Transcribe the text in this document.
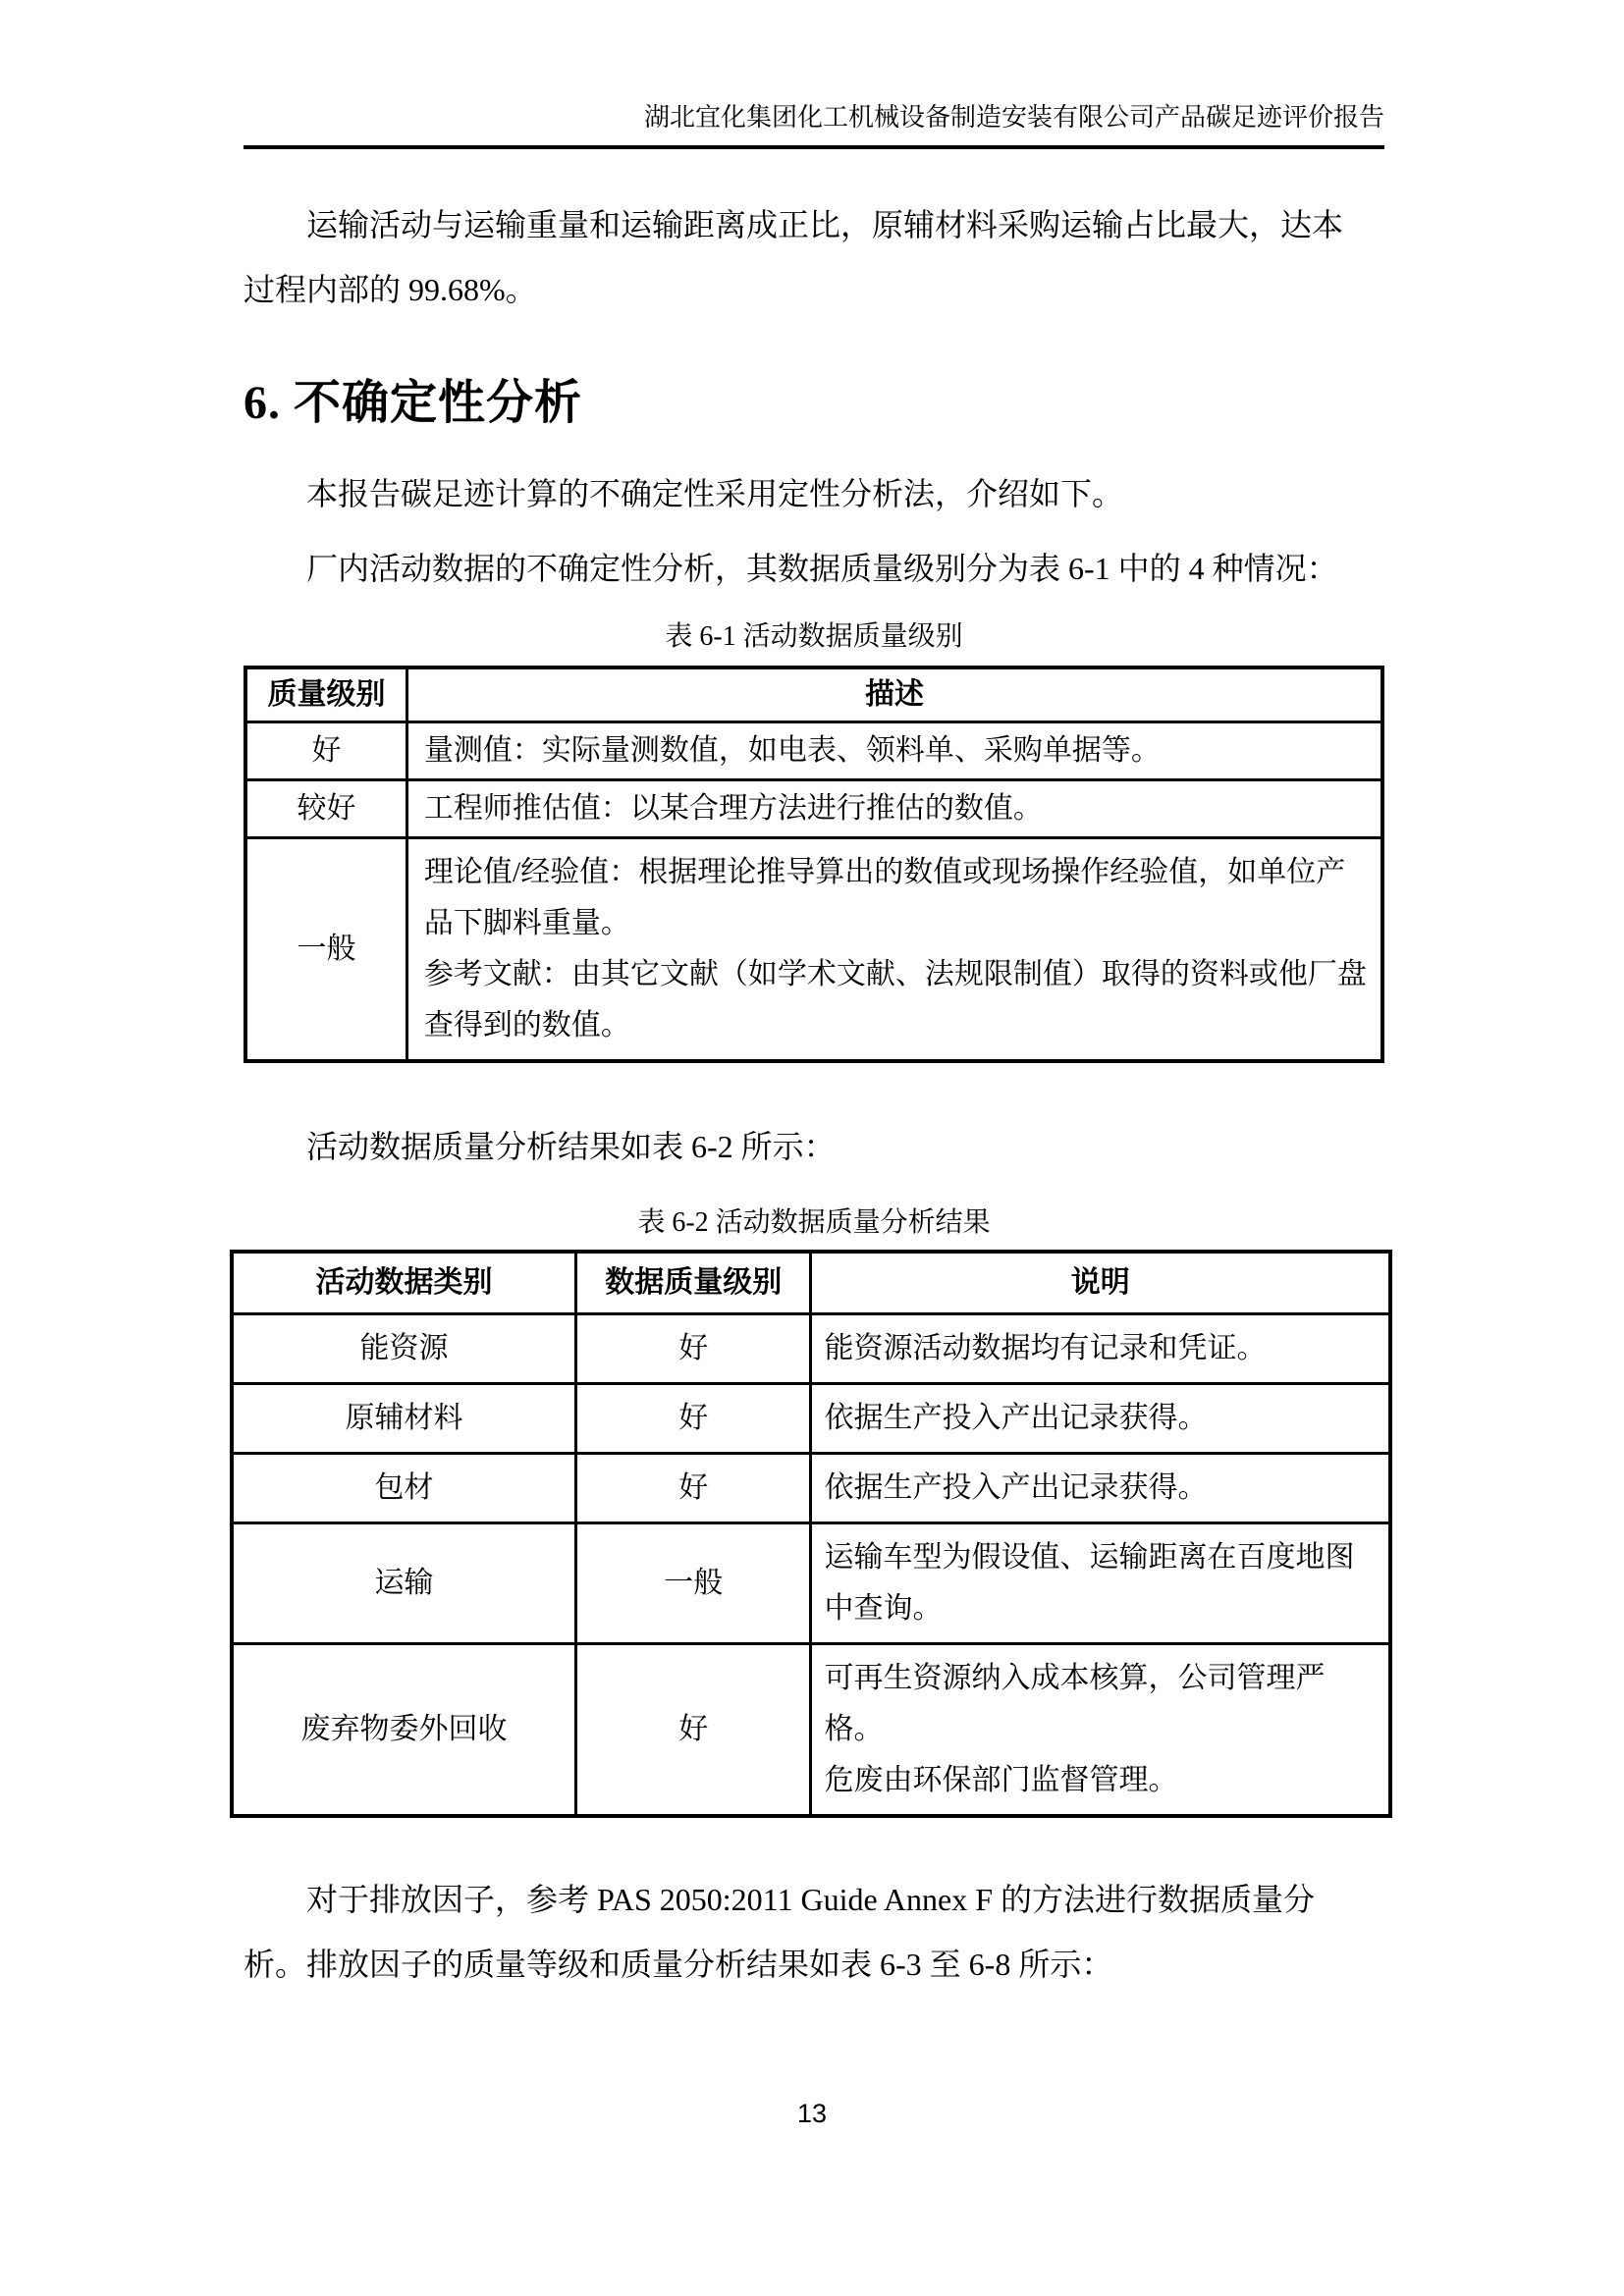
湖北宜化集团化工机械设备制造安装有限公司产品碳足迹评价报告
运输活动与运输重量和运输距离成正比，原辅材料采购运输占比最大，达本
过程内部的 99.68%。
6. 不确定性分析
本报告碳足迹计算的不确定性采用定性分析法，介绍如下。
厂内活动数据的不确定性分析，其数据质量级别分为表 6-1 中的 4 种情况：
表 6-1 活动数据质量级别
质量级别	描述
好	量测值：实际量测数值，如电表、领料单、采购单据等。
较好	工程师推估值：以某合理方法进行推估的数值。
一般	理论值/经验值：根据理论推导算出的数值或现场操作经验值，如单位产品下脚料重量。
参考文献：由其它文献（如学术文献、法规限制值）取得的资料或他厂盘查得到的数值。
活动数据质量分析结果如表 6-2 所示：
表 6-2 活动数据质量分析结果
活动数据类别	数据质量级别	说明
能资源	好	能资源活动数据均有记录和凭证。
原辅材料	好	依据生产投入产出记录获得。
包材	好	依据生产投入产出记录获得。
运输	一般	运输车型为假设值、运输距离在百度地图中查询。
废弃物委外回收	好	可再生资源纳入成本核算，公司管理严格。
危废由环保部门监督管理。
对于排放因子，参考 PAS 2050:2011 Guide Annex F 的方法进行数据质量分
析。排放因子的质量等级和质量分析结果如表 6-3 至 6-8 所示：
13
